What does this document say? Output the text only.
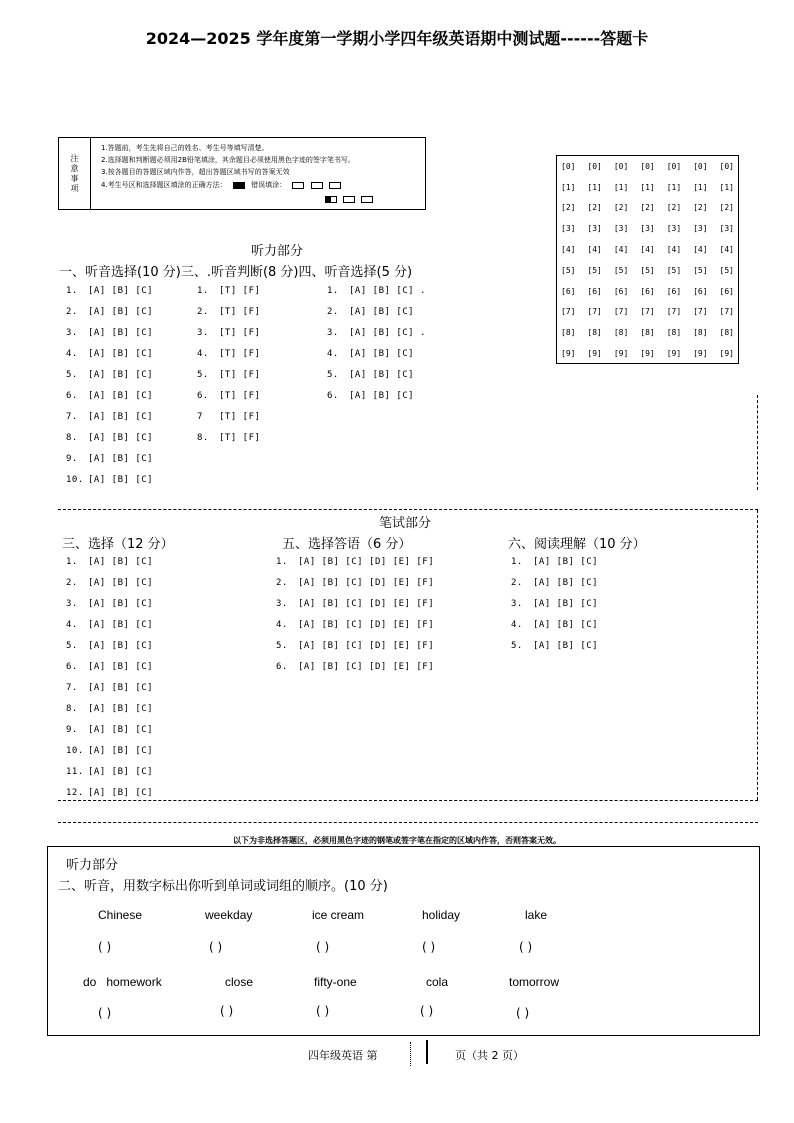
2024—2025 学年度第一学期小学四年级英语期中测试题------答题卡
注意事项
1.答题前，考生先将自己的姓名、考生号等填写清楚。
2.选择题和判断题必须用2B铅笔填涂，其余题目必须使用黑色字迹的签字笔书写。
3.按各题目的答题区域内作答，超出答题区域书写的答案无效
4.考生号区和选择题区填涂的正确方法：	错误填涂：

[0] [0] [0] [0] [0] [0] [0]
[1] [1] [1] [1] [1] [1] [1]
[2] [2] [2] [2] [2] [2] [2]
[3] [3] [3] [3] [3] [3] [3]
[4] [4] [4] [4] [4] [4] [4]
[5] [5] [5] [5] [5] [5] [5]
[6] [6] [6] [6] [6] [6] [6]
[7] [7] [7] [7] [7] [7] [7]
[8] [8] [8] [8] [8] [8] [8]
[9] [9] [9] [9] [9] [9] [9]
听力部分
一、听音选择(10 分)三、.听音判断(8 分)四、听音选择(5 分)
1. [A] [B] [C]
2. [A] [B] [C]
3. [A] [B] [C]
4. [A] [B] [C]
5. [A] [B] [C]
6. [A] [B] [C]
7. [A] [B] [C]
8. [A] [B] [C]
9. [A] [B] [C]
10. [A] [B] [C]
1. [T] [F]
2. [T] [F]
3. [T] [F]
4. [T] [F]
5. [T] [F]
6. [T] [F]
7 [T] [F]
8. [T] [F]
1. [A] [B] [C] .
2. [A] [B] [C]
3. [A] [B] [C] .
4. [A] [B] [C]
5. [A] [B] [C]
6. [A] [B] [C]
笔试部分
三、选择（12 分）	五、选择答语（6 分）	六、阅读理解（10 分）
1. [A] [B] [C]
2. [A] [B] [C]
3. [A] [B] [C]
4. [A] [B] [C]
5. [A] [B] [C]
6. [A] [B] [C]
7. [A] [B] [C]
8. [A] [B] [C]
9. [A] [B] [C]
10. [A] [B] [C]
11. [A] [B] [C]
12. [A] [B] [C]
1. [A] [B] [C] [D] [E] [F]
2. [A] [B] [C] [D] [E] [F]
3. [A] [B] [C] [D] [E] [F]
4. [A] [B] [C] [D] [E] [F]
5. [A] [B] [C] [D] [E] [F]
6. [A] [B] [C] [D] [E] [F]
1. [A] [B] [C]
2. [A] [B] [C]
3. [A] [B] [C]
4. [A] [B] [C]
5. [A] [B] [C]
以下为非选择答题区，必须用黑色字迹的钢笔或签字笔在指定的区域内作答，否则答案无效。
听力部分
二、听音，用数字标出你听到单词或词组的顺序。(10 分)
Chinese	weekday	ice cream	holiday	lake
( )	( )	( )	( )	( )
do   homework	close	fifty-one	cola	tomorrow
( )	( )	( )	( )	( )
四年级英语 第	页（共 2 页）
